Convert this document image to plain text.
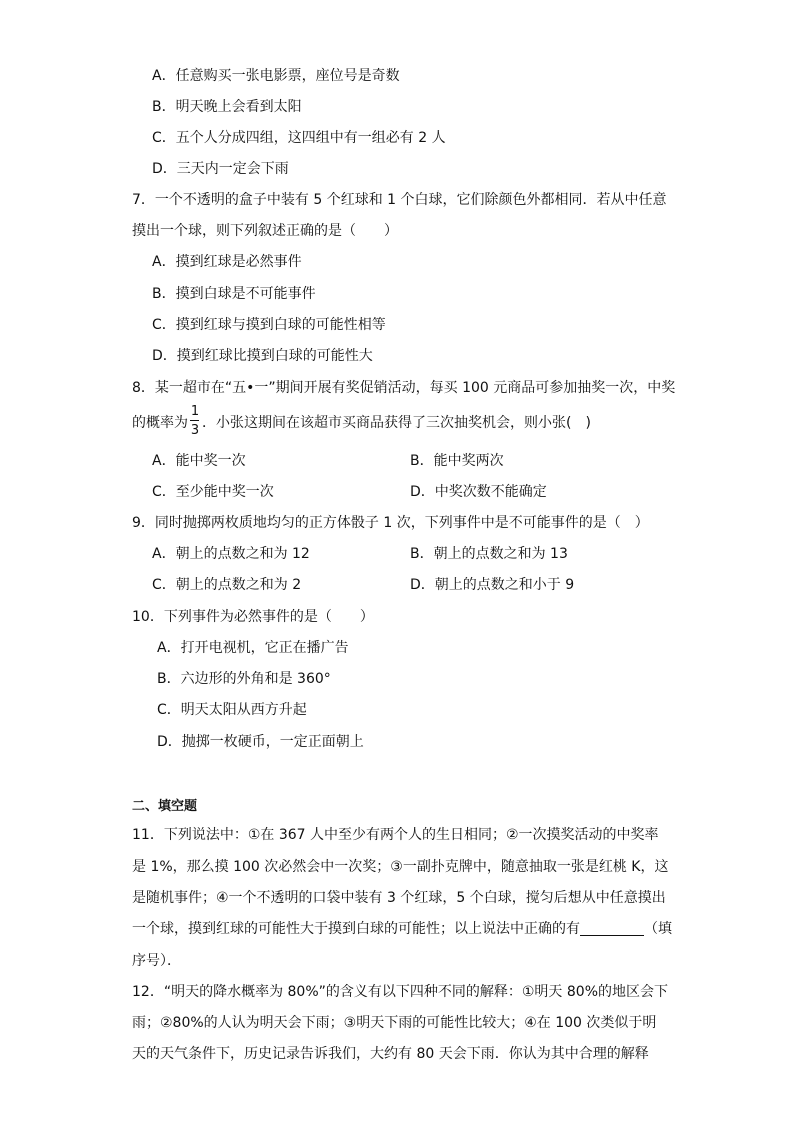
A．任意购买一张电影票，座位号是奇数
B．明天晚上会看到太阳
C．五个人分成四组，这四组中有一组必有 2 人
D．三天内一定会下雨
7．一个不透明的盒子中装有 5 个红球和 1 个白球，它们除颜色外都相同．若从中任意
摸出一个球，则下列叙述正确的是（　　）
A．摸到红球是必然事件
B．摸到白球是不可能事件
C．摸到红球与摸到白球的可能性相等
D．摸到红球比摸到白球的可能性大
8．某一超市在“五•一”期间开展有奖促销活动，每买 100 元商品可参加抽奖一次，中奖
的概率为
1
3 ．小张这期间在该超市买商品获得了三次抽奖机会，则小张(　)
A．能中奖一次	B．能中奖两次
C．至少能中奖一次	D．中奖次数不能确定
9．同时抛掷两枚质地均匀的正方体骰子 1 次，下列事件中是不可能事件的是（　）
A．朝上的点数之和为 12	B．朝上的点数之和为 13
C．朝上的点数之和为 2	D．朝上的点数之和小于 9
10．下列事件为必然事件的是（　　）
A．打开电视机，它正在播广告
B．六边形的外角和是 360°
C．明天太阳从西方升起
D．抛掷一枚硬币，一定正面朝上
二、填空题
11．下列说法中：①在 367 人中至少有两个人的生日相同；②一次摸奖活动的中奖率
是 1%，那么摸 100 次必然会中一次奖；③一副扑克牌中，随意抽取一张是红桃 K，这
是随机事件；④一个不透明的口袋中装有 3 个红球，5 个白球，搅匀后想从中任意摸出
一个球，摸到红球的可能性大于摸到白球的可能性；以上说法中正确的有	（填
序号）．
12．“明天的降水概率为 80%”的含义有以下四种不同的解释：①明天 80%的地区会下
雨；②80%的人认为明天会下雨；③明天下雨的可能性比较大；④在 100 次类似于明
天的天气条件下，历史记录告诉我们，大约有 80 天会下雨．你认为其中合理的解释
